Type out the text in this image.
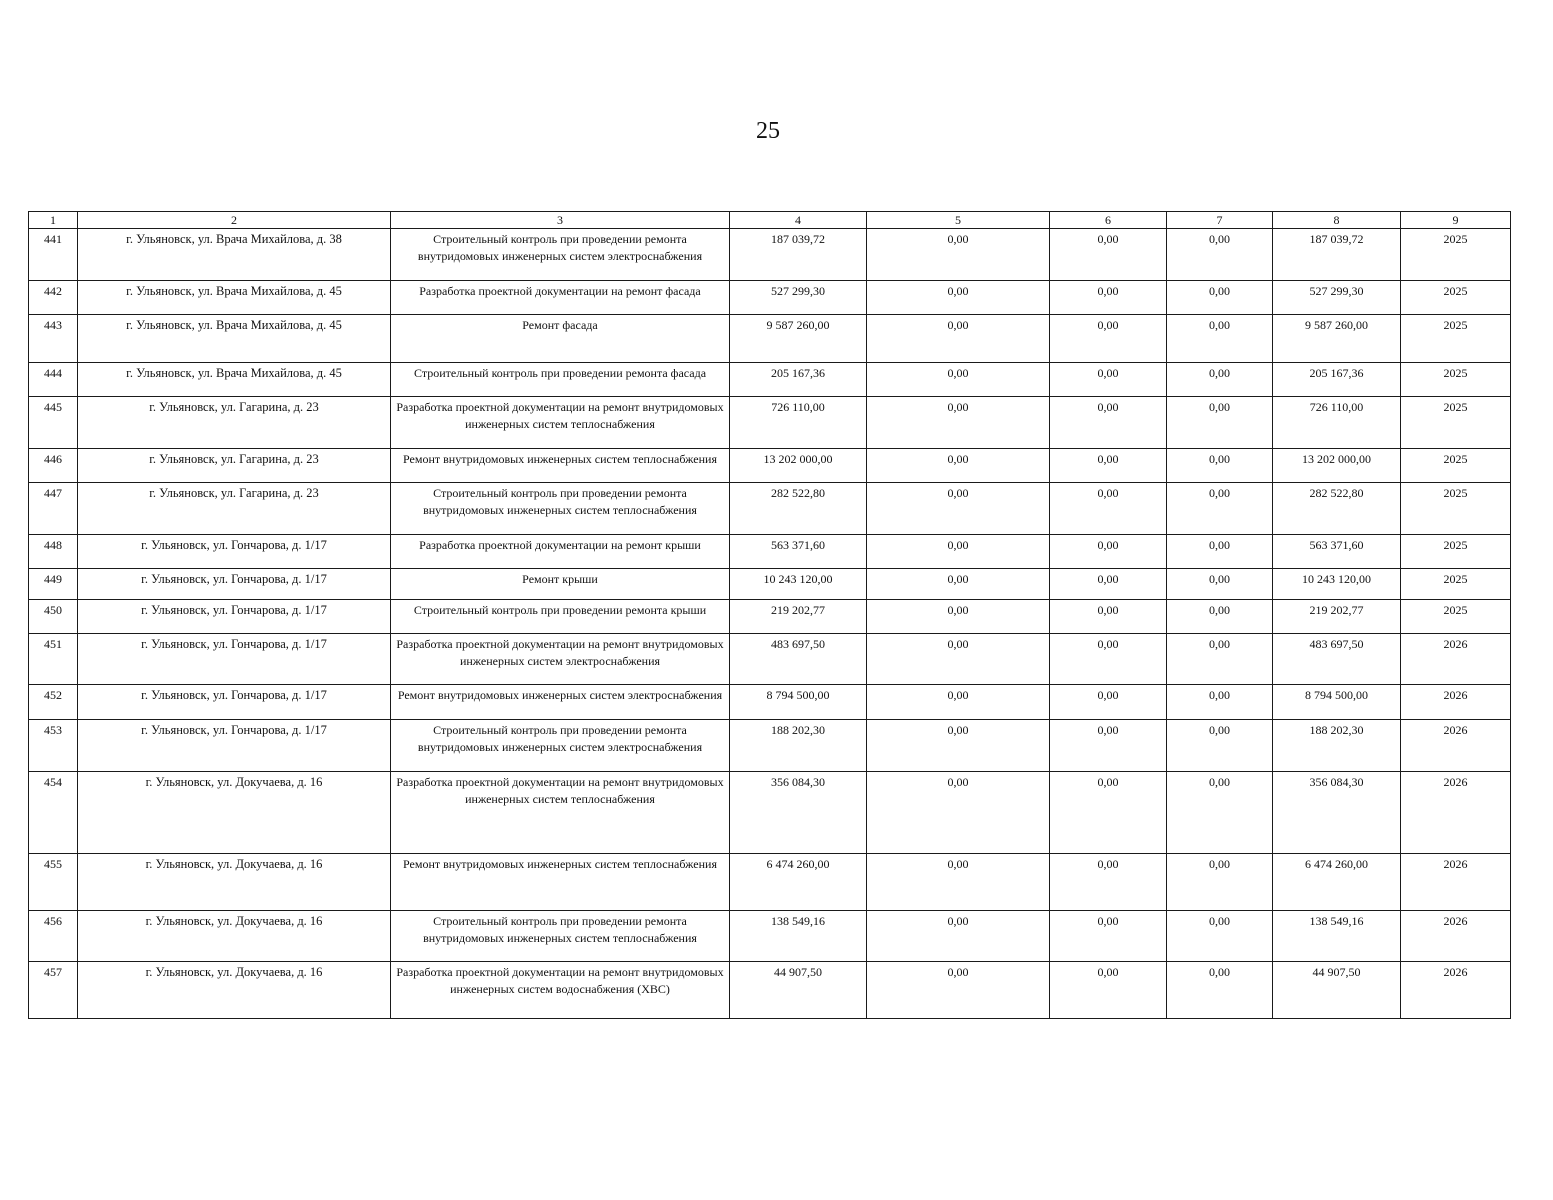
25
1	2	3	4	5	6	7	8	9
441	г. Ульяновск, ул. Врача Михайлова, д. 38	Строительный контроль при проведении ремонта внутридомовых инженерных систем электроснабжения	187 039,72	0,00	0,00	0,00	187 039,72	2025
442	г. Ульяновск, ул. Врача Михайлова, д. 45	Разработка проектной документации на ремонт фасада	527 299,30	0,00	0,00	0,00	527 299,30	2025
443	г. Ульяновск, ул. Врача Михайлова, д. 45	Ремонт фасада	9 587 260,00	0,00	0,00	0,00	9 587 260,00	2025
444	г. Ульяновск, ул. Врача Михайлова, д. 45	Строительный контроль при проведении ремонта фасада	205 167,36	0,00	0,00	0,00	205 167,36	2025
445	г. Ульяновск, ул. Гагарина, д. 23	Разработка проектной документации на ремонт внутридомовых инженерных систем теплоснабжения	726 110,00	0,00	0,00	0,00	726 110,00	2025
446	г. Ульяновск, ул. Гагарина, д. 23	Ремонт внутридомовых инженерных систем теплоснабжения	13 202 000,00	0,00	0,00	0,00	13 202 000,00	2025
447	г. Ульяновск, ул. Гагарина, д. 23	Строительный контроль при проведении ремонта внутридомовых инженерных систем теплоснабжения	282 522,80	0,00	0,00	0,00	282 522,80	2025
448	г. Ульяновск, ул. Гончарова, д. 1/17	Разработка проектной документации на ремонт крыши	563 371,60	0,00	0,00	0,00	563 371,60	2025
449	г. Ульяновск, ул. Гончарова, д. 1/17	Ремонт крыши	10 243 120,00	0,00	0,00	0,00	10 243 120,00	2025
450	г. Ульяновск, ул. Гончарова, д. 1/17	Строительный контроль при проведении ремонта крыши	219 202,77	0,00	0,00	0,00	219 202,77	2025
451	г. Ульяновск, ул. Гончарова, д. 1/17	Разработка проектной документации на ремонт внутридомовых инженерных систем электроснабжения	483 697,50	0,00	0,00	0,00	483 697,50	2026
452	г. Ульяновск, ул. Гончарова, д. 1/17	Ремонт внутридомовых инженерных систем электроснабжения	8 794 500,00	0,00	0,00	0,00	8 794 500,00	2026
453	г. Ульяновск, ул. Гончарова, д. 1/17	Строительный контроль при проведении ремонта внутридомовых инженерных систем электроснабжения	188 202,30	0,00	0,00	0,00	188 202,30	2026
454	г. Ульяновск, ул. Докучаева, д. 16	Разработка проектной документации на ремонт внутридомовых инженерных систем теплоснабжения	356 084,30	0,00	0,00	0,00	356 084,30	2026
455	г. Ульяновск, ул. Докучаева, д. 16	Ремонт внутридомовых инженерных систем теплоснабжения	6 474 260,00	0,00	0,00	0,00	6 474 260,00	2026
456	г. Ульяновск, ул. Докучаева, д. 16	Строительный контроль при проведении ремонта внутридомовых инженерных систем теплоснабжения	138 549,16	0,00	0,00	0,00	138 549,16	2026
457	г. Ульяновск, ул. Докучаева, д. 16	Разработка проектной документации на ремонт внутридомовых инженерных систем водоснабжения (ХВС)	44 907,50	0,00	0,00	0,00	44 907,50	2026
